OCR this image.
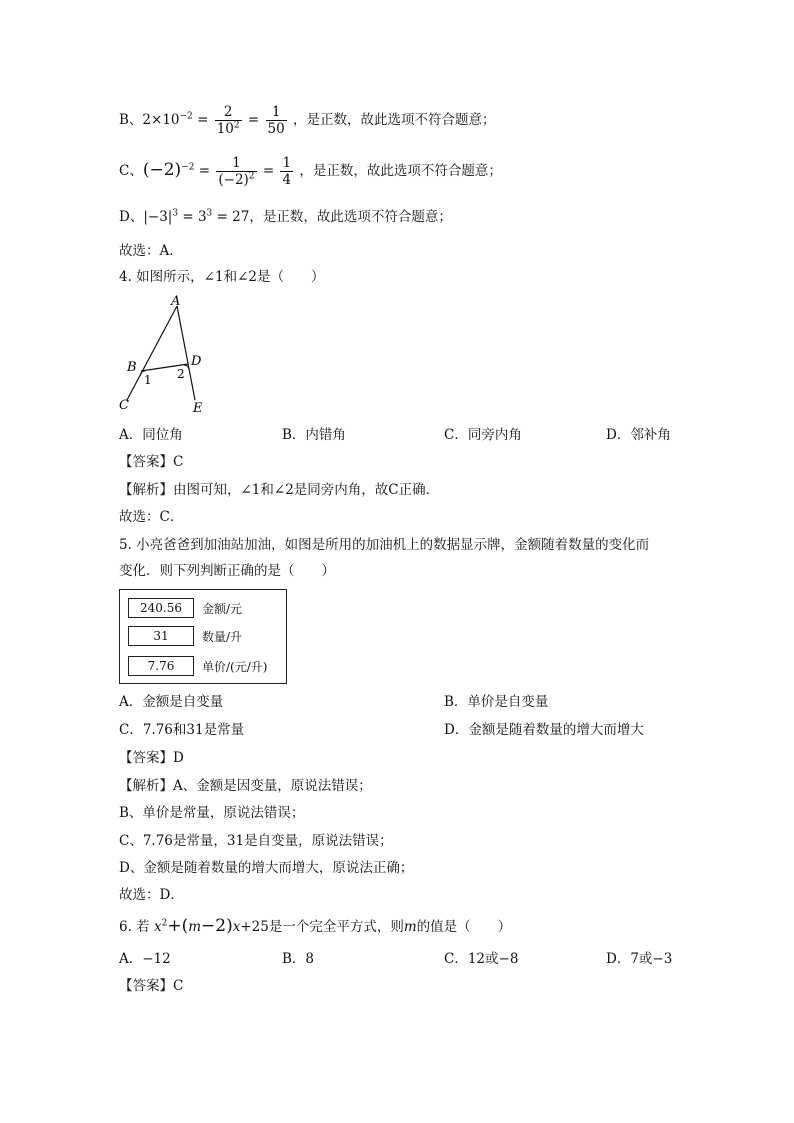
B、$2\times 10^{-2} = \frac{2}{10^2} = \frac{1}{50}$ ，是正数，故此选项不符合题意；
C、$(-2)^{-2} = \frac{1}{(-2)^2} = \frac{1}{4}$ ，是正数，故此选项不符合题意；
D、$|-3|^3 = 3^3 = 27$，是正数，故此选项不符合题意；
故选：A．
4. 如图所示，∠1和∠2是（　　）
A
B
C
D
E
1 2
A．同位角	B．内错角	C．同旁内角	D．邻补角
【答案】C
【解析】由图可知，∠1和∠2是同旁内角，故C正确．
故选：C．
5. 小亮爸爸到加油站加油，如图是所用的加油机上的数据显示牌，金额随着数量的变化而
变化．则下列判断正确的是（　　）
240.56	金额/元
31	数量/升
7.76	单价/(元/升)
A．金额是自变量	B．单价是自变量
C．7.76和31是常量	D．金额是随着数量的增大而增大
【答案】D
【解析】A、金额是因变量，原说法错误；
B、单价是常量，原说法错误；
C、7.76是常量，31是自变量，原说法错误；
D、金额是随着数量的增大而增大，原说法正确；
故选：D．
6. 若 $x^2+(m-2)x+25$是一个完全平方式，则m的值是（　　）
A．−12	B．8	C．12或−8	D．7或−3
【答案】C
